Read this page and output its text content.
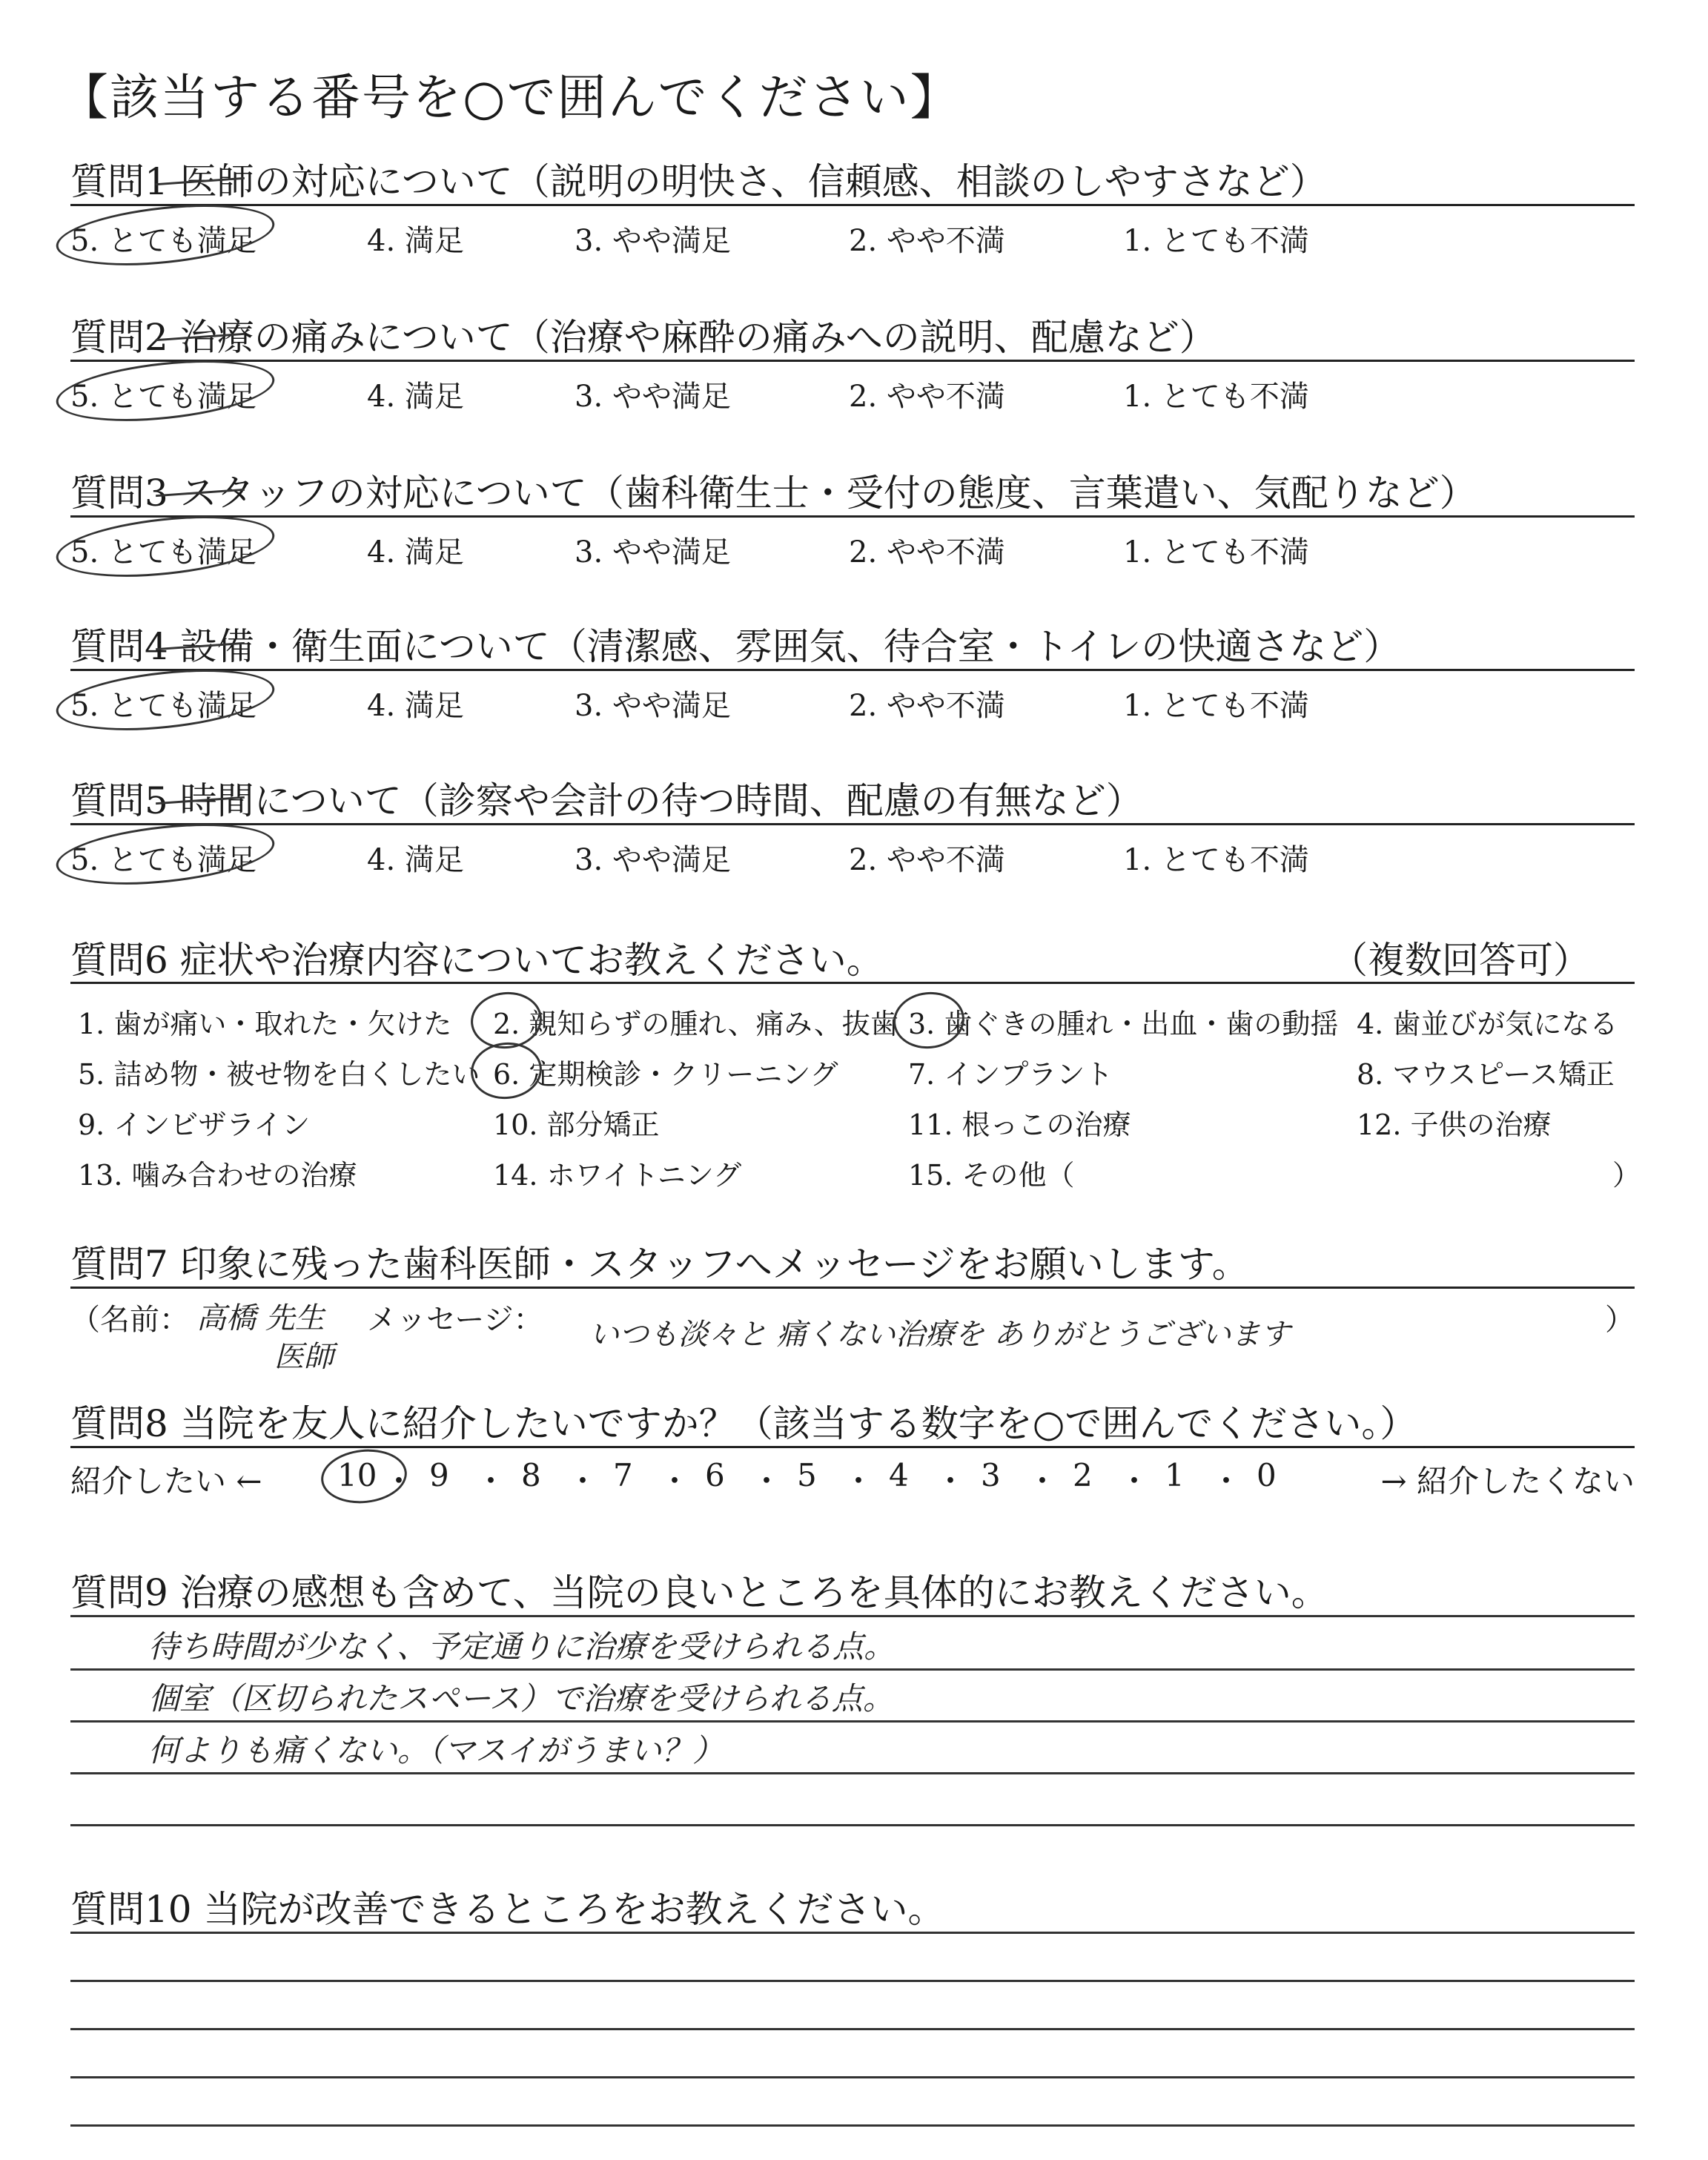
【該当する番号を○で囲んでください】
質問1 医師の対応について（説明の明快さ、信頼感、相談のしやすさなど）
5. とても満足	4. 満足	3. やや満足	2. やや不満	1. とても不満
質問2 治療の痛みについて（治療や麻酔の痛みへの説明、配慮など）
5. とても満足	4. 満足	3. やや満足	2. やや不満	1. とても不満
質問3 スタッフの対応について（歯科衛生士・受付の態度、言葉遣い、気配りなど）
5. とても満足	4. 満足	3. やや満足	2. やや不満	1. とても不満
質問4 設備・衛生面について（清潔感、雰囲気、待合室・トイレの快適さなど）
5. とても満足	4. 満足	3. やや満足	2. やや不満	1. とても不満
質問5 時間について（診察や会計の待つ時間、配慮の有無など）
5. とても満足	4. 満足	3. やや満足	2. やや不満	1. とても不満
質問6 症状や治療内容についてお教えください。	（複数回答可）
1. 歯が痛い・取れた・欠けた 2. 親知らずの腫れ、痛み、抜歯 3. 歯ぐきの腫れ・出血・歯の動揺 4. 歯並びが気になる
5. 詰め物・被せ物を白くしたい 6. 定期検診・クリーニング 7. インプラント	8. マウスピース矯正
9. インビザライン	10. 部分矯正	11. 根っこの治療	12. 子供の治療
13. 噛み合わせの治療	14. ホワイトニング	15. その他（	）
質問7 印象に残った歯科医師・スタッフへメッセージをお願いします。
（名前： 高橋 先生
医師
メッセージ： いつも淡々と 痛くない治療を ありがとうございます	）
質問8 当院を友人に紹介したいですか？（該当する数字を○で囲んでください。）
紹介したい ←	→ 紹介したくない
10 ・ 9 ・ 8 ・ 7 ・ 6 ・ 5 ・ 4 ・ 3 ・ 2 ・ 1 ・ 0
質問9 治療の感想も含めて、当院の良いところを具体的にお教えください。
待ち時間が少なく、予定通りに治療を受けられる点。
個室（区切られたスペース）で治療を受けられる点。
何よりも痛くない。（マスイがうまい？）
質問10 当院が改善できるところをお教えください。
